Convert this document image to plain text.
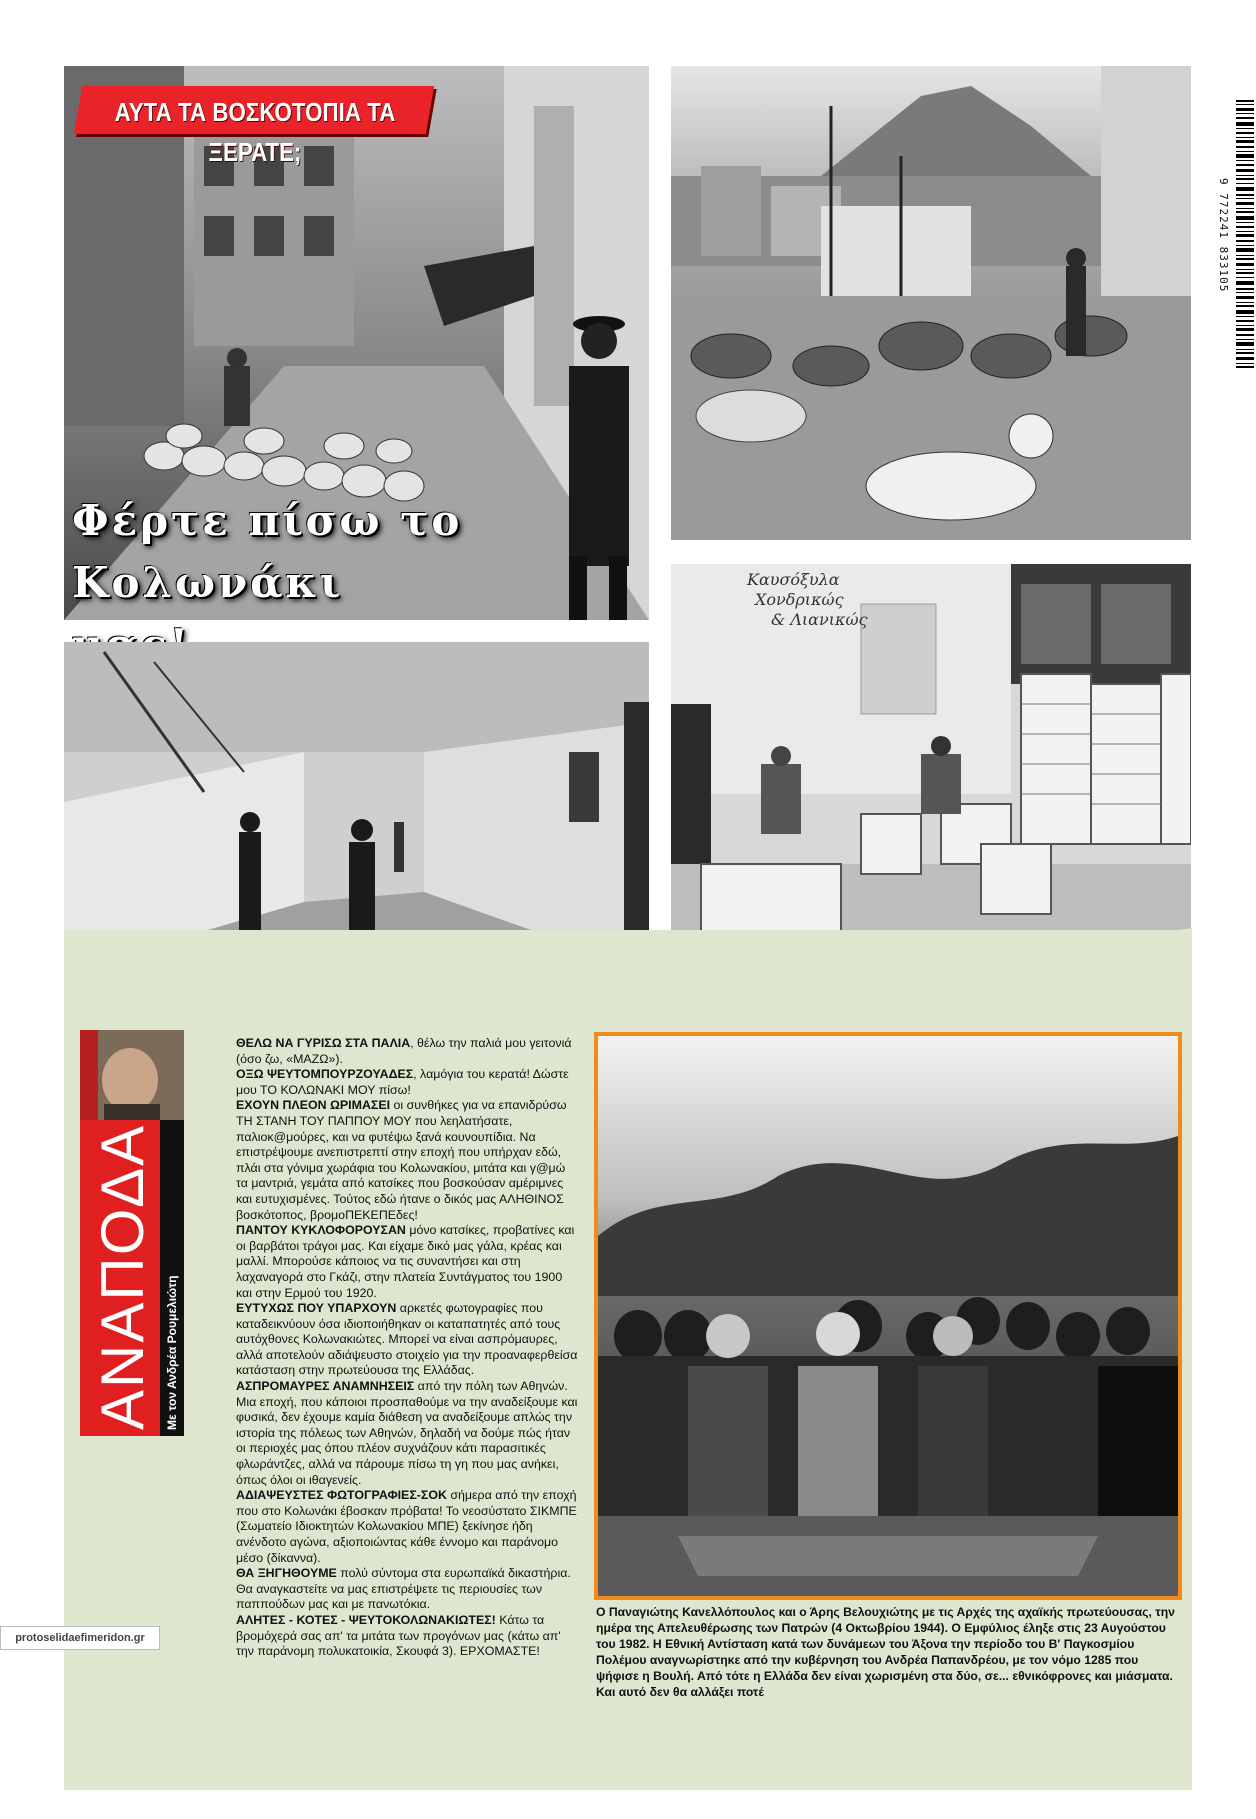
9 772241 833105
ΑΥΤΑ ΤΑ ΒΟΣΚΟΤΟΠΙΑ ΤΑ ΞΕΡΑΤΕ;
Φέρτε πίσω το
Κολωνάκι	Καυσόξυλα
Χονδρικώς
& Λιανικώς
ΑΝΑΠΟΔΑ Με τον Ανδρέα Ρουμελιώτη

ΘΕΛΩ ΝΑ ΓΥΡΙΣΩ ΣΤΑ ΠΑΛΙΑ, θέλω την παλιά μου γειτονιά (όσο ζω, «ΜΑΖΩ»).

ΟΞΩ ΨΕΥΤΟΜΠΟΥΡΖΟΥΑΔΕΣ, λαμόγια του κερατά! Δώστε μου ΤΟ ΚΟΛΩΝΑΚΙ ΜΟΥ πίσω!

ΕΧΟΥΝ ΠΛΕΟΝ ΩΡΙΜΑΣΕΙ οι συνθήκες για να επανιδρύσω ΤΗ ΣΤΑΝΗ ΤΟΥ ΠΑΠΠΟΥ ΜΟΥ που λεηλατήσατε, παλιοκ@μούρες, και να φυτέψω ξανά κουνουπίδια. Να επιστρέψουμε ανεπιστρεπτί στην εποχή που υπήρχαν εδώ, πλάι στα γόνιμα χωράφια του Κολωνακίου, μιτάτα και γ@μώ τα μαντριά, γεμάτα από κατσίκες που βοσκούσαν αμέριμνες και ευτυχισμένες. Τούτος εδώ ήτανε ο δικός μας ΑΛΗΘΙΝΟΣ βοσκότοπος, βρομοΠΕΚΕΠΕδες!

ΠΑΝΤΟΥ ΚΥΚΛΟΦΟΡΟΥΣΑΝ μόνο κατσίκες, προβατίνες και οι βαρβάτοι τράγοι μας. Και είχαμε δικό μας γάλα, κρέας και μαλλί. Μπορούσε κάποιος να τις συναντήσει και στη λαχαναγορά στο Γκάζι, στην πλατεία Συντάγματος του 1900 και στην Ερμού του 1920.

ΕΥΤΥΧΩΣ ΠΟΥ ΥΠΑΡΧΟΥΝ αρκετές φωτογραφίες που καταδεικνύουν όσα ιδιοποιήθηκαν οι καταπατητές από τους αυτόχθονες Κολωνακιώτες. Μπορεί να είναι ασπρόμαυρες, αλλά αποτελούν αδιάψευστο στοιχείο για την προαναφερθείσα κατάσταση στην πρωτεύουσα της Ελλάδας.

ΑΣΠΡΟΜΑΥΡΕΣ ΑΝΑΜΝΗΣΕΙΣ από την πόλη των Αθηνών. Μια εποχή, που κάποιοι προσπαθούμε να την αναδείξουμε και φυσικά, δεν έχουμε καμία διάθεση να αναδείξουμε απλώς την ιστορία της πόλεως των Αθηνών, δηλαδή να δούμε πώς ήταν οι περιοχές μας όπου πλέον συχνάζουν κάτι παρασιτικές φλωράντζες, αλλά να πάρουμε πίσω τη γη που μας ανήκει, όπως όλοι οι ιθαγενείς.

ΑΔΙΑΨΕΥΣΤΕΣ ΦΩΤΟΓΡΑΦΙΕΣ-ΣΟΚ σήμερα από την εποχή που στο Κολωνάκι έβοσκαν πρόβατα! Το νεοσύστατο ΣΙΚΜΠΕ (Σωματείο Ιδιοκτητών Κολωνακίου ΜΠΕ) ξεκίνησε ήδη ανένδοτο αγώνα, αξιοποιώντας κάθε έννομο και παράνομο μέσο (δίκαννα).

ΘΑ ΞΗΓΗΘΟΥΜΕ πολύ σύντομα στα ευρωπαϊκά δικαστήρια. Θα αναγκαστείτε να μας επιστρέψετε τις περιουσίες των παππούδων μας και με πανωτόκια.

ΑΛΗΤΕΣ - ΚΟΤΕΣ - ΨΕΥΤΟΚΟΛΩΝΑΚΙΩΤΕΣ! Κάτω τα βρομόχερά σας απ' τα μιτάτα των προγόνων μας (κάτω απ' την παράνομη πολυκατοικία, Σκουφά 3). ΕΡΧΟΜΑΣΤΕ!

Ο Παναγιώτης Κανελλόπουλος και ο Άρης Βελουχιώτης με τις Αρχές της αχαϊκής πρωτεύουσας, την ημέρα της Απελευθέρωσης των Πατρών (4 Οκτωβρίου 1944). Ο Εμφύλιος έληξε στις 23 Αυγούστου του 1982. Η Εθνική Αντίσταση κατά των δυνάμεων του Άξονα την περίοδο του Β' Παγκοσμίου Πολέμου αναγνωρίστηκε από την κυβέρνηση του Ανδρέα Παπανδρέου, με τον νόμο 1285 που ψήφισε η Βουλή. Από τότε η Ελλάδα δεν είναι χωρισμένη στα δύο, σε... εθνικόφρονες και μιάσματα. Και αυτό δεν θα αλλάξει ποτέ
protoselidaefimeridon.gr
